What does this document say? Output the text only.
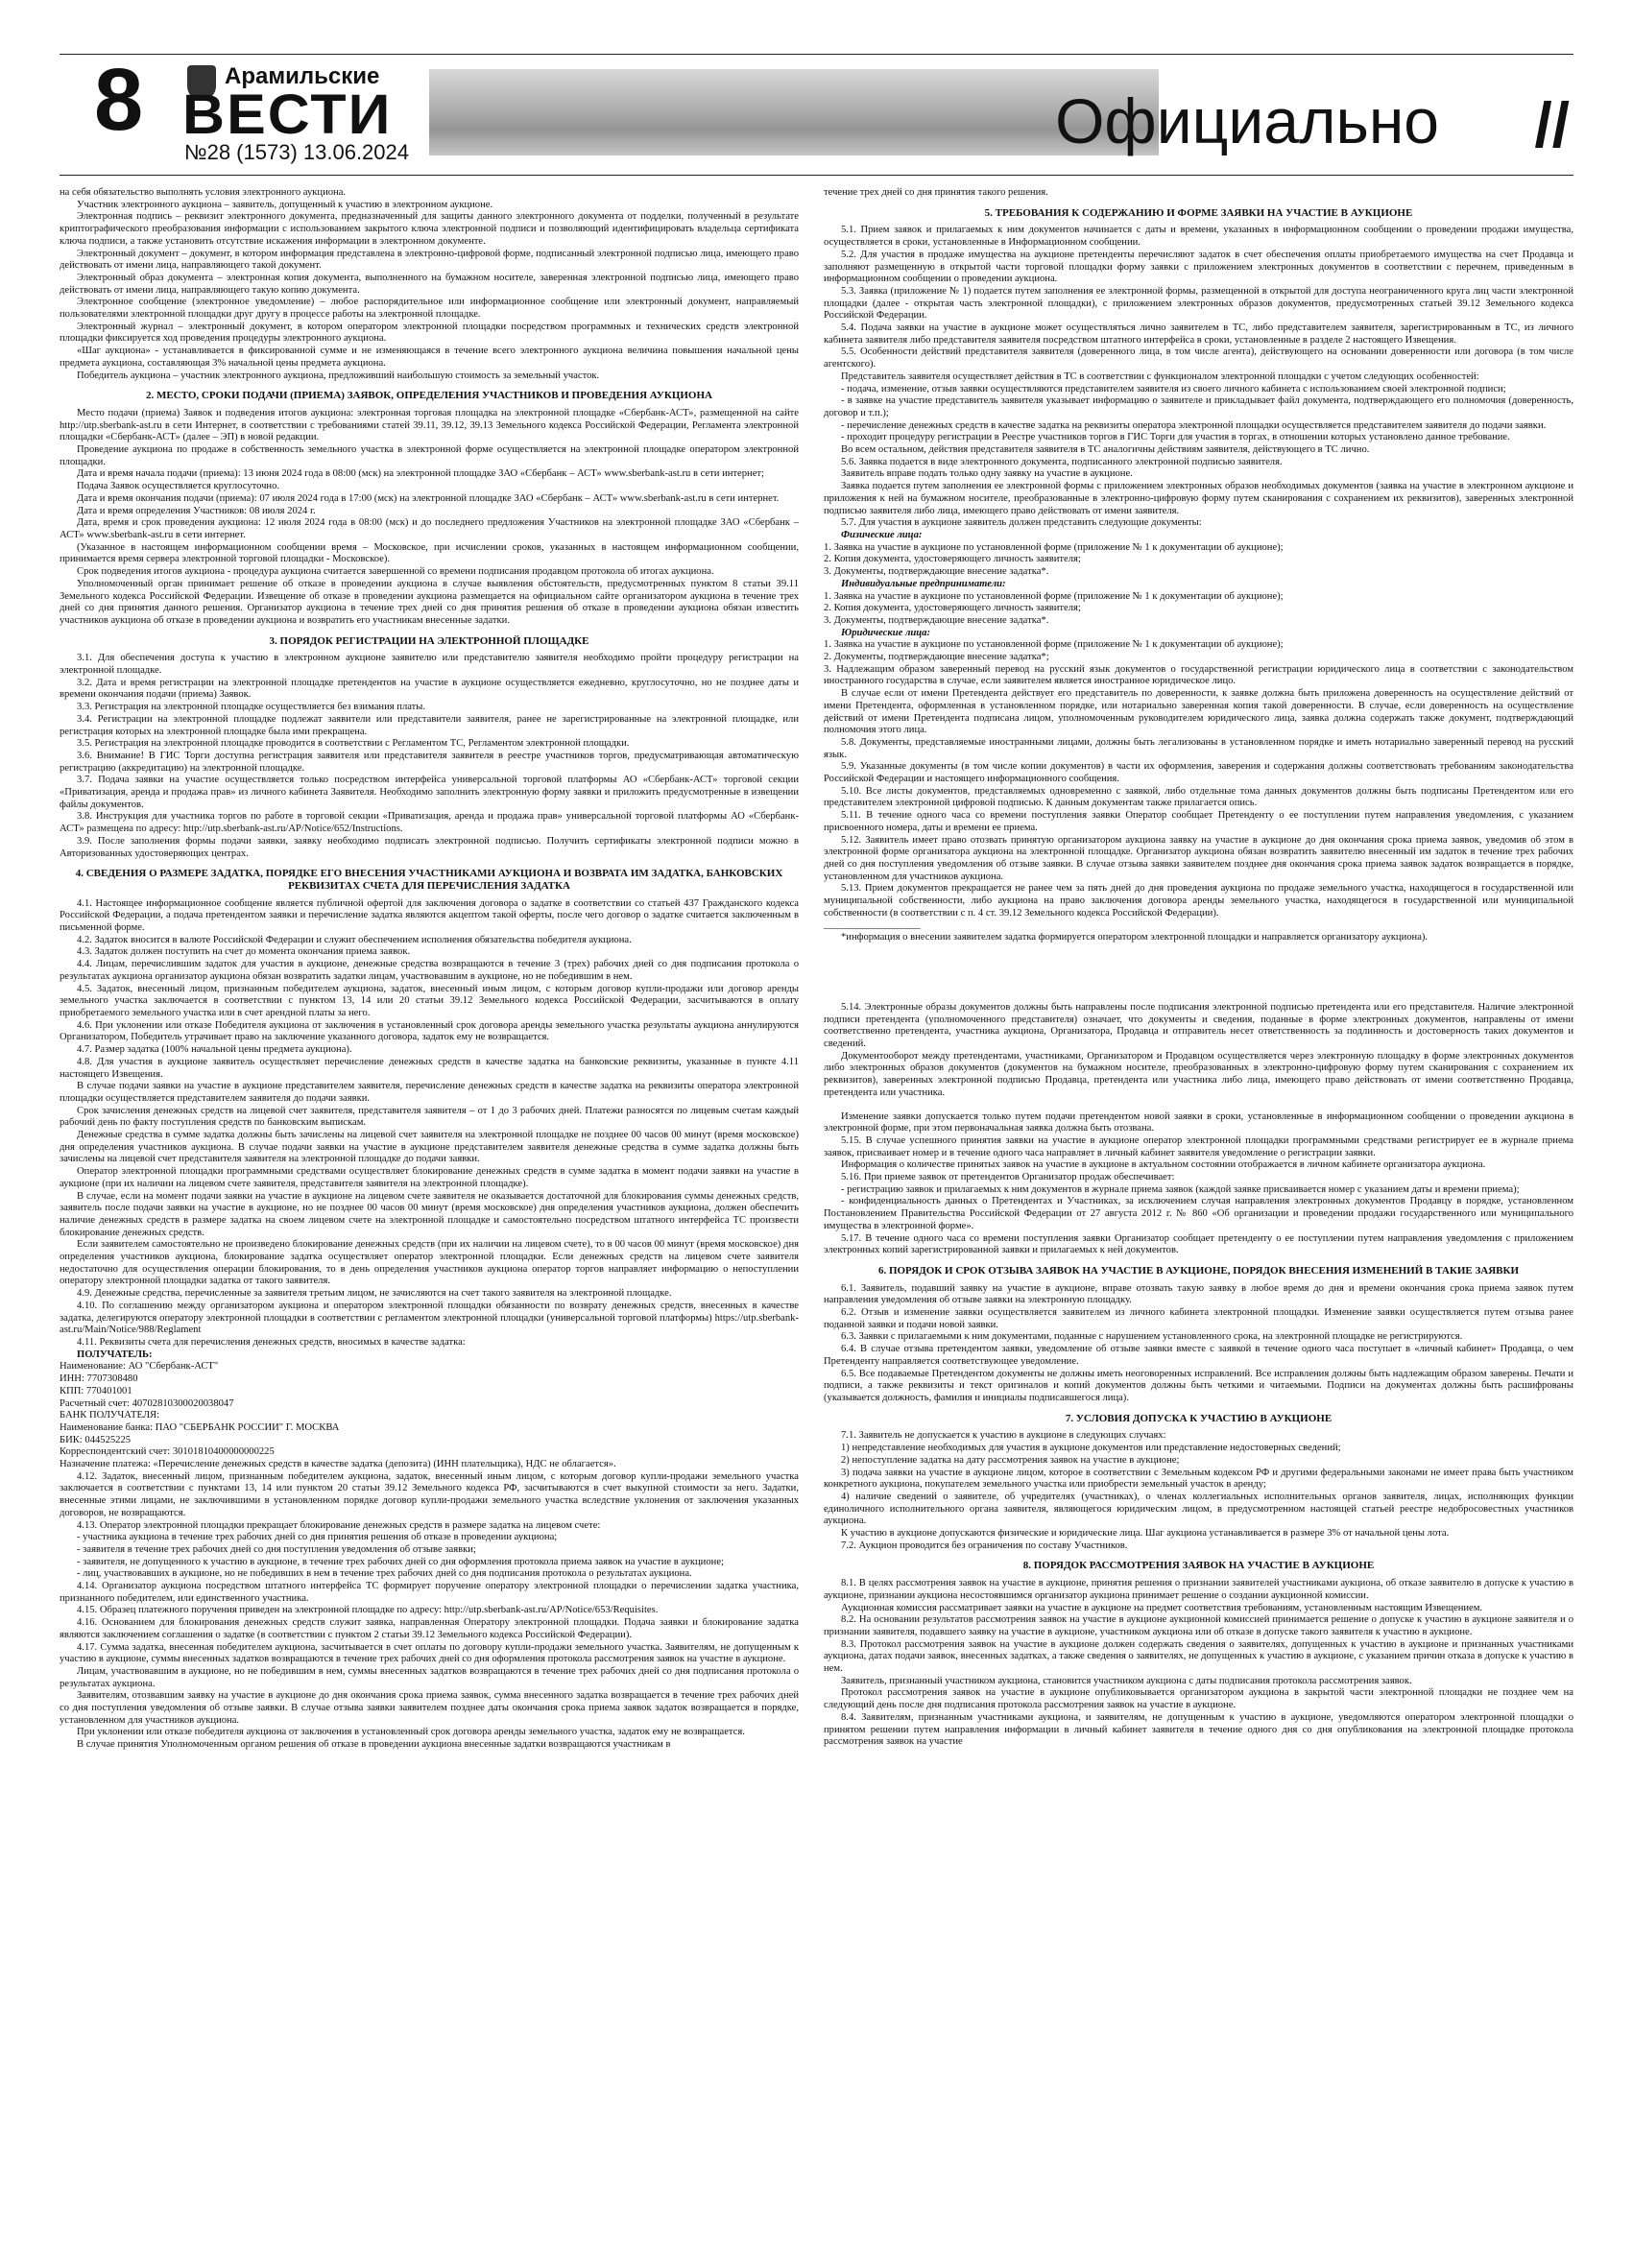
8	Арамильские
ВЕСТИ
№28 (1573) 13.06.2024	Официально //

на себя обязательство выполнять условия электронного аукциона.

Участник электронного аукциона – заявитель, допущенный к участию в электронном аукционе.

Электронная подпись – реквизит электронного документа, предназначенный для защиты данного электронного документа от подделки, полученный в результате криптографического преобразования информации с использованием закрытого ключа электронной подписи и позволяющий идентифицировать владельца сертификата ключа подписи, а также установить отсутствие искажения информации в электронном документе.

Электронный документ – документ, в котором информация представлена в электронно-цифровой форме, подписанный электронной подписью лица, имеющего право действовать от имени лица, направляющего такой документ.

Электронный образ документа – электронная копия документа, выполненного на бумажном носителе, заверенная электронной подписью лица, имеющего право действовать от имени лица, направляющего такую копию документа.

Электронное сообщение (электронное уведомление) – любое распорядительное или информационное сообщение или электронный документ, направляемый пользователями электронной площадки друг другу в процессе работы на электронной площадке.

Электронный журнал – электронный документ, в котором оператором электронной площадки посредством программных и технических средств электронной площадки фиксируется ход проведения процедуры электронного аукциона.

«Шаг аукциона» - устанавливается в фиксированной сумме и не изменяющаяся в течение всего электронного аукциона величина повышения начальной цены предмета аукциона, составляющая 3% начальной цены предмета аукциона.

Победитель аукциона – участник электронного аукциона, предложивший наибольшую стоимость за земельный участок.

2. МЕСТО, СРОКИ ПОДАЧИ (ПРИЕМА) ЗАЯВОК, ОПРЕДЕЛЕНИЯ УЧАСТНИКОВ И ПРОВЕДЕНИЯ АУКЦИОНА

Место подачи (приема) Заявок и подведения итогов аукциона: электронная торговая площадка на электронной площадке «Сбербанк-АСТ», размещенной на сайте http://utp.sberbank-ast.ru в сети Интернет, в соответствии с требованиями статей 39.11, 39.12, 39.13 Земельного кодекса Российской Федерации, Регламента электронной площадки «Сбербанк-АСТ» (далее – ЭП) в новой редакции.

Проведение аукциона по продаже в собственность земельного участка в электронной форме осуществляется на электронной площадке оператором электронной площадки.

Дата и время начала подачи (приема): 13 июня 2024 года в 08:00 (мск) на электронной площадке ЗАО «Сбербанк – АСТ» www.sberbank-ast.ru в сети интернет;

Подача Заявок осуществляется круглосуточно.

Дата и время окончания подачи (приема): 07 июля 2024 года в 17:00 (мск) на электронной площадке ЗАО «Сбербанк – АСТ» www.sberbank-ast.ru в сети интернет.

Дата и время определения Участников: 08 июля 2024 г.

Дата, время и срок проведения аукциона: 12 июля 2024 года в 08:00 (мск) и до последнего предложения Участников на электронной площадке ЗАО «Сбербанк – АСТ» www.sberbank-ast.ru в сети интернет.

(Указанное в настоящем информационном сообщении время – Московское, при исчислении сроков, указанных в настоящем информационном сообщении, принимается время сервера электронной торговой площадки - Московское).

Срок подведения итогов аукциона - процедура аукциона считается завершенной со времени подписания продавцом протокола об итогах аукциона.

Уполномоченный орган принимает решение об отказе в проведении аукциона в случае выявления обстоятельств, предусмотренных пунктом 8 статьи 39.11 Земельного кодекса Российской Федерации. Извещение об отказе в проведении аукциона размещается на официальном сайте организатором аукциона в течение трех дней со дня принятия данного решения. Организатор аукциона в течение трех дней со дня принятия решения об отказе в проведении аукциона обязан известить участников аукциона об отказе в проведении аукциона и возвратить его участникам внесенные задатки.

3. ПОРЯДОК РЕГИСТРАЦИИ НА ЭЛЕКТРОННОЙ ПЛОЩАДКЕ

3.1. Для обеспечения доступа к участию в электронном аукционе заявителю или представителю заявителя необходимо пройти процедуру регистрации на электронной площадке.

3.2. Дата и время регистрации на электронной площадке претендентов на участие в аукционе осуществляется ежедневно, круглосуточно, но не позднее даты и времени окончания подачи (приема) Заявок.

3.3. Регистрация на электронной площадке осуществляется без взимания платы.

3.4. Регистрации на электронной площадке подлежат заявители или представители заявителя, ранее не зарегистрированные на электронной площадке, или регистрация которых на электронной площадке была ими прекращена.

3.5. Регистрация на электронной площадке проводится в соответствии с Регламентом ТС, Регламентом электронной площадки.

3.6. Внимание! В ГИС Торги доступна регистрация заявителя или представителя заявителя в реестре участников торгов, предусматривающая автоматическую регистрацию (аккредитацию) на электронной площадке.

3.7. Подача заявки на участие осуществляется только посредством интерфейса универсальной торговой платформы АО «Сбербанк-АСТ» торговой секции «Приватизация, аренда и продажа прав» из личного кабинета Заявителя. Необходимо заполнить электронную форму заявки и приложить предусмотренные в извещении файлы документов.

3.8. Инструкция для участника торгов по работе в торговой секции «Приватизация, аренда и продажа прав» универсальной торговой платформы АО «Сбербанк-АСТ» размещена по адресу: http://utp.sberbank-ast.ru/AP/Notice/652/Instructions.

3.9. После заполнения формы подачи заявки, заявку необходимо подписать электронной подписью. Получить сертификаты электронной подписи можно в Авторизованных удостоверяющих центрах.

4. СВЕДЕНИЯ О РАЗМЕРЕ ЗАДАТКА, ПОРЯДКЕ ЕГО ВНЕСЕНИЯ УЧАСТНИКАМИ АУКЦИОНА И ВОЗВРАТА ИМ ЗАДАТКА, БАНКОВСКИХ РЕКВИЗИТАХ СЧЕТА ДЛЯ ПЕРЕЧИСЛЕНИЯ ЗАДАТКА

4.1. Настоящее информационное сообщение является публичной офертой для заключения договора о задатке в соответствии со статьей 437 Гражданского кодекса Российской Федерации, а подача претендентом заявки и перечисление задатка являются акцептом такой оферты, после чего договор о задатке считается заключенным в письменной форме.

4.2. Задаток вносится в валюте Российской Федерации и служит обеспечением исполнения обязательства победителя аукциона.

4.3. Задаток должен поступить на счет до момента окончания приема заявок.

4.4. Лицам, перечислившим задаток для участия в аукционе, денежные средства возвращаются в течение 3 (трех) рабочих дней со дня подписания протокола о результатах аукциона организатор аукциона обязан возвратить задатки лицам, участвовавшим в аукционе, но не победившим в нем.

4.5. Задаток, внесенный лицом, признанным победителем аукциона, задаток, внесенный иным лицом, с которым договор купли-продажи или договор аренды земельного участка заключается в соответствии с пунктом 13, 14 или 20 статьи 39.12 Земельного кодекса Российской Федерации, засчитываются в оплату приобретаемого земельного участка или в счет арендной платы за него.

4.6. При уклонении или отказе Победителя аукциона от заключения в установленный срок договора аренды земельного участка результаты аукциона аннулируются Организатором, Победитель утрачивает право на заключение указанного договора, задаток ему не возвращается.

4.7. Размер задатка (100% начальной цены предмета аукциона).

4.8. Для участия в аукционе заявитель осуществляет перечисление денежных средств в качестве задатка на банковские реквизиты, указанные в пункте 4.11 настоящего Извещения.

В случае подачи заявки на участие в аукционе представителем заявителя, перечисление денежных средств в качестве задатка на реквизиты оператора электронной площадки осуществляется представителем заявителя до подачи заявки.

Срок зачисления денежных средств на лицевой счет заявителя, представителя заявителя – от 1 до 3 рабочих дней. Платежи разносятся по лицевым счетам каждый рабочий день по факту поступления средств по банковским выпискам.

Денежные средства в сумме задатка должны быть зачислены на лицевой счет заявителя на электронной площадке не позднее 00 часов 00 минут (время московское) дня определения участников аукциона. В случае подачи заявки на участие в аукционе представителем заявителя денежные средства в сумме задатка должны быть зачислены на лицевой счет представителя заявителя на электронной площадке до подачи заявки.

Оператор электронной площадки программными средствами осуществляет блокирование денежных средств в сумме задатка в момент подачи заявки на участие в аукционе (при их наличии на лицевом счете заявителя, представителя заявителя на электронной площадке).

В случае, если на момент подачи заявки на участие в аукционе на лицевом счете заявителя не оказывается достаточной для блокирования суммы денежных средств, заявитель после подачи заявки на участие в аукционе, но не позднее 00 часов 00 минут (время московское) дня определения участников аукциона, должен обеспечить наличие денежных средств в размере задатка на своем лицевом счете на электронной площадке и самостоятельно посредством штатного интерфейса ТС произвести блокирование денежных средств.

Если заявителем самостоятельно не произведено блокирование денежных средств (при их наличии на лицевом счете), то в 00 часов 00 минут (время московское) дня определения участников аукциона, блокирование задатка осуществляет оператор электронной площадки. Если денежных средств на лицевом счете заявителя недостаточно для осуществления операции блокирования, то в день определения участников аукциона оператор торгов направляет информацию о непоступлении оператору электронной площадки задатка от такого заявителя.

4.9. Денежные средства, перечисленные за заявителя третьим лицом, не зачисляются на счет такого заявителя на электронной площадке.

4.10. По соглашению между организатором аукциона и оператором электронной площадки обязанности по возврату денежных средств, внесенных в качестве задатка, делегируются оператору электронной площадки в соответствии с регламентом электронной площадки (универсальной торговой платформы) https://utp.sberbank-ast.ru/Main/Notice/988/Reglament

4.11. Реквизиты счета для перечисления денежных средств, вносимых в качестве задатка:

ПОЛУЧАТЕЛЬ:

Наименование: АО "Сбербанк-АСТ"

ИНН: 7707308480

КПП: 770401001

Расчетный счет: 40702810300020038047

БАНК ПОЛУЧАТЕЛЯ:

Наименование банка: ПАО "СБЕРБАНК РОССИИ" Г. МОСКВА

БИК: 044525225

Корреспондентский счет: 30101810400000000225

Назначение платежа: «Перечисление денежных средств в качестве задатка (депозита) (ИНН плательщика), НДС не облагается».

4.12. Задаток, внесенный лицом, признанным победителем аукциона, задаток, внесенный иным лицом, с которым договор купли-продажи земельного участка заключается в соответствии с пунктами 13, 14 или пунктом 20 статьи 39.12 Земельного кодекса РФ, засчитываются в счет выкупной стоимости за него. Задатки, внесенные этими лицами, не заключившими в установленном порядке договор купли-продажи земельного участка вследствие уклонения от заключения указанных договоров, не возвращаются.

4.13. Оператор электронной площадки прекращает блокирование денежных средств в размере задатка на лицевом счете:

- участника аукциона в течение трех рабочих дней со дня принятия решения об отказе в проведении аукциона;

- заявителя в течение трех рабочих дней со дня поступления уведомления об отзыве заявки;

- заявителя, не допущенного к участию в аукционе, в течение трех рабочих дней со дня оформления протокола приема заявок на участие в аукционе;

- лиц, участвовавших в аукционе, но не победивших в нем в течение трех рабочих дней со дня подписания протокола о результатах аукциона.

4.14. Организатор аукциона посредством штатного интерфейса ТС формирует поручение оператору электронной площадки о перечислении задатка участника, признанного победителем, или единственного участника.

4.15. Образец платежного поручения приведен на электронной площадке по адресу: http://utp.sberbank-ast.ru/AP/Notice/653/Requisites.

4.16. Основанием для блокирования денежных средств служит заявка, направленная Оператору электронной площадки. Подача заявки и блокирование задатка являются заключением соглашения о задатке (в соответствии с пунктом 2 статьи 39.12 Земельного кодекса Российской Федерации).

4.17. Сумма задатка, внесенная победителем аукциона, засчитывается в счет оплаты по договору купли-продажи земельного участка. Заявителям, не допущенным к участию в аукционе, суммы внесенных задатков возвращаются в течение трех рабочих дней со дня оформления протокола рассмотрения заявок на участие в аукционе.

Лицам, участвовавшим в аукционе, но не победившим в нем, суммы внесенных задатков возвращаются в течение трех рабочих дней со дня подписания протокола о результатах аукциона.

Заявителям, отозвавшим заявку на участие в аукционе до дня окончания срока приема заявок, сумма внесенного задатка возвращается в течение трех рабочих дней со дня поступления уведомления об отзыве заявки. В случае отзыва заявки заявителем позднее даты окончания срока приема заявок задаток возвращается в порядке, установленном для участников аукциона.

При уклонении или отказе победителя аукциона от заключения в установленный срок договора аренды земельного участка, задаток ему не возвращается.

В случае принятия Уполномоченным органом решения об отказе в проведении аукциона внесенные задатки возвращаются участникам в

течение трех дней со дня принятия такого решения.

5. ТРЕБОВАНИЯ К СОДЕРЖАНИЮ И ФОРМЕ ЗАЯВКИ НА УЧАСТИЕ В АУКЦИОНЕ

5.1. Прием заявок и прилагаемых к ним документов начинается с даты и времени, указанных в информационном сообщении о проведении продажи имущества, осуществляется в сроки, установленные в Информационном сообщении.

5.2. Для участия в продаже имущества на аукционе претенденты перечисляют задаток в счет обеспечения оплаты приобретаемого имущества на счет Продавца и заполняют размещенную в открытой части торговой площадки форму заявки с приложением электронных документов в соответствии с перечнем, приведенным в информационном сообщении о проведении аукциона.

5.3. Заявка (приложение № 1) подается путем заполнения ее электронной формы, размещенной в открытой для доступа неограниченного круга лиц части электронной площадки (далее - открытая часть электронной площадки), с приложением электронных образов документов, предусмотренных статьей 39.12 Земельного кодекса Российской Федерации.

5.4. Подача заявки на участие в аукционе может осуществляться лично заявителем в ТС, либо представителем заявителя, зарегистрированным в ТС, из личного кабинета заявителя либо представителя заявителя посредством штатного интерфейса в сроки, установленные в разделе 2 настоящего Извещения.

5.5. Особенности действий представителя заявителя (доверенного лица, в том числе агента), действующего на основании доверенности или договора (в том числе агентского).

Представитель заявителя осуществляет действия в ТС в соответствии с функционалом электронной площадки с учетом следующих особенностей:

- подача, изменение, отзыв заявки осуществляются представителем заявителя из своего личного кабинета с использованием своей электронной подписи;

- в заявке на участие представитель заявителя указывает информацию о заявителе и прикладывает файл документа, подтверждающего его полномочия (доверенность, договор и т.п.);

- перечисление денежных средств в качестве задатка на реквизиты оператора электронной площадки осуществляется представителем заявителя до подачи заявки.

- проходит процедуру регистрации в Реестре участников торгов в ГИС Торги для участия в торгах, в отношении которых установлено данное требование.

Во всем остальном, действия представителя заявителя в ТС аналогичны действиям заявителя, действующего в ТС лично.

5.6. Заявка подается в виде электронного документа, подписанного электронной подписью заявителя.

Заявитель вправе подать только одну заявку на участие в аукционе.

Заявка подается путем заполнения ее электронной формы с приложением электронных образов необходимых документов (заявка на участие в электронном аукционе и приложения к ней на бумажном носителе, преобразованные в электронно-цифровую форму путем сканирования с сохранением их реквизитов), заверенных электронной подписью заявителя либо лица, имеющего право действовать от имени заявителя.

5.7. Для участия в аукционе заявитель должен представить следующие документы:

Физические лица:

1. Заявка на участие в аукционе по установленной форме (приложение № 1 к документации об аукционе);

2. Копия документа, удостоверяющего личность заявителя;

3. Документы, подтверждающие внесение задатка*.

Индивидуальные предприниматели:

1. Заявка на участие в аукционе по установленной форме (приложение № 1 к документации об аукционе);

2. Копия документа, удостоверяющего личность заявителя;

3. Документы, подтверждающие внесение задатка*.

Юридические лица:

1. Заявка на участие в аукционе по установленной форме (приложение № 1 к документации об аукционе);

2. Документы, подтверждающие внесение задатка*;

3. Надлежащим образом заверенный перевод на русский язык документов о государственной регистрации юридического лица в соответствии с законодательством иностранного государства в случае, если заявителем является иностранное юридическое лицо.

В случае если от имени Претендента действует его представитель по доверенности, к заявке должна быть приложена доверенность на осуществление действий от имени Претендента, оформленная в установленном порядке, или нотариально заверенная копия такой доверенности. В случае, если доверенность на осуществление действий от имени Претендента подписана лицом, уполномоченным руководителем юридического лица, заявка должна содержать также документ, подтверждающий полномочия этого лица.

5.8. Документы, представляемые иностранными лицами, должны быть легализованы в установленном порядке и иметь нотариально заверенный перевод на русский язык.

5.9. Указанные документы (в том числе копии документов) в части их оформления, заверения и содержания должны соответствовать требованиям законодательства Российской Федерации и настоящего информационного сообщения.

5.10. Все листы документов, представляемых одновременно с заявкой, либо отдельные тома данных документов должны быть подписаны Претендентом или его представителем электронной цифровой подписью. К данным документам также прилагается опись.

5.11. В течение одного часа со времени поступления заявки Оператор сообщает Претенденту о ее поступлении путем направления уведомления, с указанием присвоенного номера, даты и времени ее приема.

5.12. Заявитель имеет право отозвать принятую организатором аукциона заявку на участие в аукционе до дня окончания срока приема заявок, уведомив об этом в электронной форме организатора аукциона на электронной площадке. Организатор аукциона обязан возвратить заявителю внесенный им задаток в течение трех рабочих дней со дня поступления уведомления об отзыве заявки. В случае отзыва заявки заявителем позднее дня окончания срока приема заявок задаток возвращается в порядке, установленном для участников аукциона.

5.13. Прием документов прекращается не ранее чем за пять дней до дня проведения аукциона по продаже земельного участка, находящегося в государственной или муниципальной собственности, либо аукциона на право заключения договора аренды земельного участка, находящегося в государственной или муниципальной собственности (в соответствии с п. 4 ст. 39.12 Земельного кодекса Российской Федерации).

___________________

*информация о внесении заявителем задатка формируется оператором электронной площадки и направляется организатору аукциона).

5.14. Электронные образы документов должны быть направлены после подписания электронной подписью претендента или его представителя. Наличие электронной подписи претендента (уполномоченного представителя) означает, что документы и сведения, поданные в форме электронных документов, направлены от имени соответственно претендента, участника аукциона, Организатора, Продавца и отправитель несет ответственность за подлинность и достоверность таких документов и сведений.

Документооборот между претендентами, участниками, Организатором и Продавцом осуществляется через электронную площадку в форме электронных документов либо электронных образов документов (документов на бумажном носителе, преобразованных в электронно-цифровую форму путем сканирования с сохранением их реквизитов), заверенных электронной подписью Продавца, претендента или участника либо лица, имеющего право действовать от имени соответственно Продавца, претендента или участника.

Изменение заявки допускается только путем подачи претендентом новой заявки в сроки, установленные в информационном сообщении о проведении аукциона в электронной форме, при этом первоначальная заявка должна быть отозвана.

5.15. В случае успешного принятия заявки на участие в аукционе оператор электронной площадки программными средствами регистрирует ее в журнале приема заявок, присваивает номер и в течение одного часа направляет в личный кабинет заявителя уведомление о регистрации заявки.

Информация о количестве принятых заявок на участие в аукционе в актуальном состоянии отображается в личном кабинете организатора аукциона.

5.16. При приеме заявок от претендентов Организатор продаж обеспечивает:

- регистрацию заявок и прилагаемых к ним документов в журнале приема заявок (каждой заявке присваивается номер с указанием даты и времени приема);

- конфиденциальность данных о Претендентах и Участниках, за исключением случая направления электронных документов Продавцу в порядке, установленном Постановлением Правительства Российской Федерации от 27 августа 2012 г. № 860 «Об организации и проведении продажи государственного или муниципального имущества в электронной форме».

5.17. В течение одного часа со времени поступления заявки Организатор сообщает претенденту о ее поступлении путем направления уведомления с приложением электронных копий зарегистрированной заявки и прилагаемых к ней документов.

6. ПОРЯДОК И СРОК ОТЗЫВА ЗАЯВОК НА УЧАСТИЕ В АУКЦИОНЕ, ПОРЯДОК ВНЕСЕНИЯ ИЗМЕНЕНИЙ В ТАКИЕ ЗАЯВКИ

6.1. Заявитель, подавший заявку на участие в аукционе, вправе отозвать такую заявку в любое время до дня и времени окончания срока приема заявок путем направления уведомления об отзыве заявки на электронную площадку.

6.2. Отзыв и изменение заявки осуществляется заявителем из личного кабинета электронной площадки. Изменение заявки осуществляется путем отзыва ранее поданной заявки и подачи новой заявки.

6.3. Заявки с прилагаемыми к ним документами, поданные с нарушением установленного срока, на электронной площадке не регистрируются.

6.4. В случае отзыва претендентом заявки, уведомление об отзыве заявки вместе с заявкой в течение одного часа поступает в «личный кабинет» Продавца, о чем Претенденту направляется соответствующее уведомление.

6.5. Все подаваемые Претендентом документы не должны иметь неоговоренных исправлений. Все исправления должны быть надлежащим образом заверены. Печати и подписи, а также реквизиты и текст оригиналов и копий документов должны быть четкими и читаемыми. Подписи на документах должны быть расшифрованы (указывается должность, фамилия и инициалы подписавшегося лица).

7. УСЛОВИЯ ДОПУСКА К УЧАСТИЮ В АУКЦИОНЕ

7.1. Заявитель не допускается к участию в аукционе в следующих случаях:

1) непредставление необходимых для участия в аукционе документов или представление недостоверных сведений;

2) непоступление задатка на дату рассмотрения заявок на участие в аукционе;

3) подача заявки на участие в аукционе лицом, которое в соответствии с Земельным кодексом РФ и другими федеральными законами не имеет права быть участником конкретного аукциона, покупателем земельного участка или приобрести земельный участок в аренду;

4) наличие сведений о заявителе, об учредителях (участниках), о членах коллегиальных исполнительных органов заявителя, лицах, исполняющих функции единоличного исполнительного органа заявителя, являющегося юридическим лицом, в предусмотренном настоящей статьей реестре недобросовестных участников аукциона.

К участию в аукционе допускаются физические и юридические лица. Шаг аукциона устанавливается в размере 3% от начальной цены лота.

7.2. Аукцион проводится без ограничения по составу Участников.

8. ПОРЯДОК РАССМОТРЕНИЯ ЗАЯВОК НА УЧАСТИЕ В АУКЦИОНЕ

8.1. В целях рассмотрения заявок на участие в аукционе, принятия решения о признании заявителей участниками аукциона, об отказе заявителю в допуске к участию в аукционе, признании аукциона несостоявшимся организатор аукциона принимает решение о создании аукционной комиссии.

Аукционная комиссия рассматривает заявки на участие в аукционе на предмет соответствия требованиям, установленным настоящим Извещением.

8.2. На основании результатов рассмотрения заявок на участие в аукционе аукционной комиссией принимается решение о допуске к участию в аукционе заявителя и о признании заявителя, подавшего заявку на участие в аукционе, участником аукциона или об отказе в допуске такого заявителя к участию в аукционе.

8.3. Протокол рассмотрения заявок на участие в аукционе должен содержать сведения о заявителях, допущенных к участию в аукционе и признанных участниками аукциона, датах подачи заявок, внесенных задатках, а также сведения о заявителях, не допущенных к участию в аукционе, с указанием причин отказа в допуске к участию в нем.

Заявитель, признанный участником аукциона, становится участником аукциона с даты подписания протокола рассмотрения заявок.

Протокол рассмотрения заявок на участие в аукционе опубликовывается организатором аукциона в закрытой части электронной площадки не позднее чем на следующий день после дня подписания протокола рассмотрения заявок на участие в аукционе.

8.4. Заявителям, признанным участниками аукциона, и заявителям, не допущенным к участию в аукционе, уведомляются оператором электронной площадки о принятом решении путем направления информации в личный кабинет заявителя в течение одного дня со дня опубликования на электронной площадке протокола рассмотрения заявок на участие
